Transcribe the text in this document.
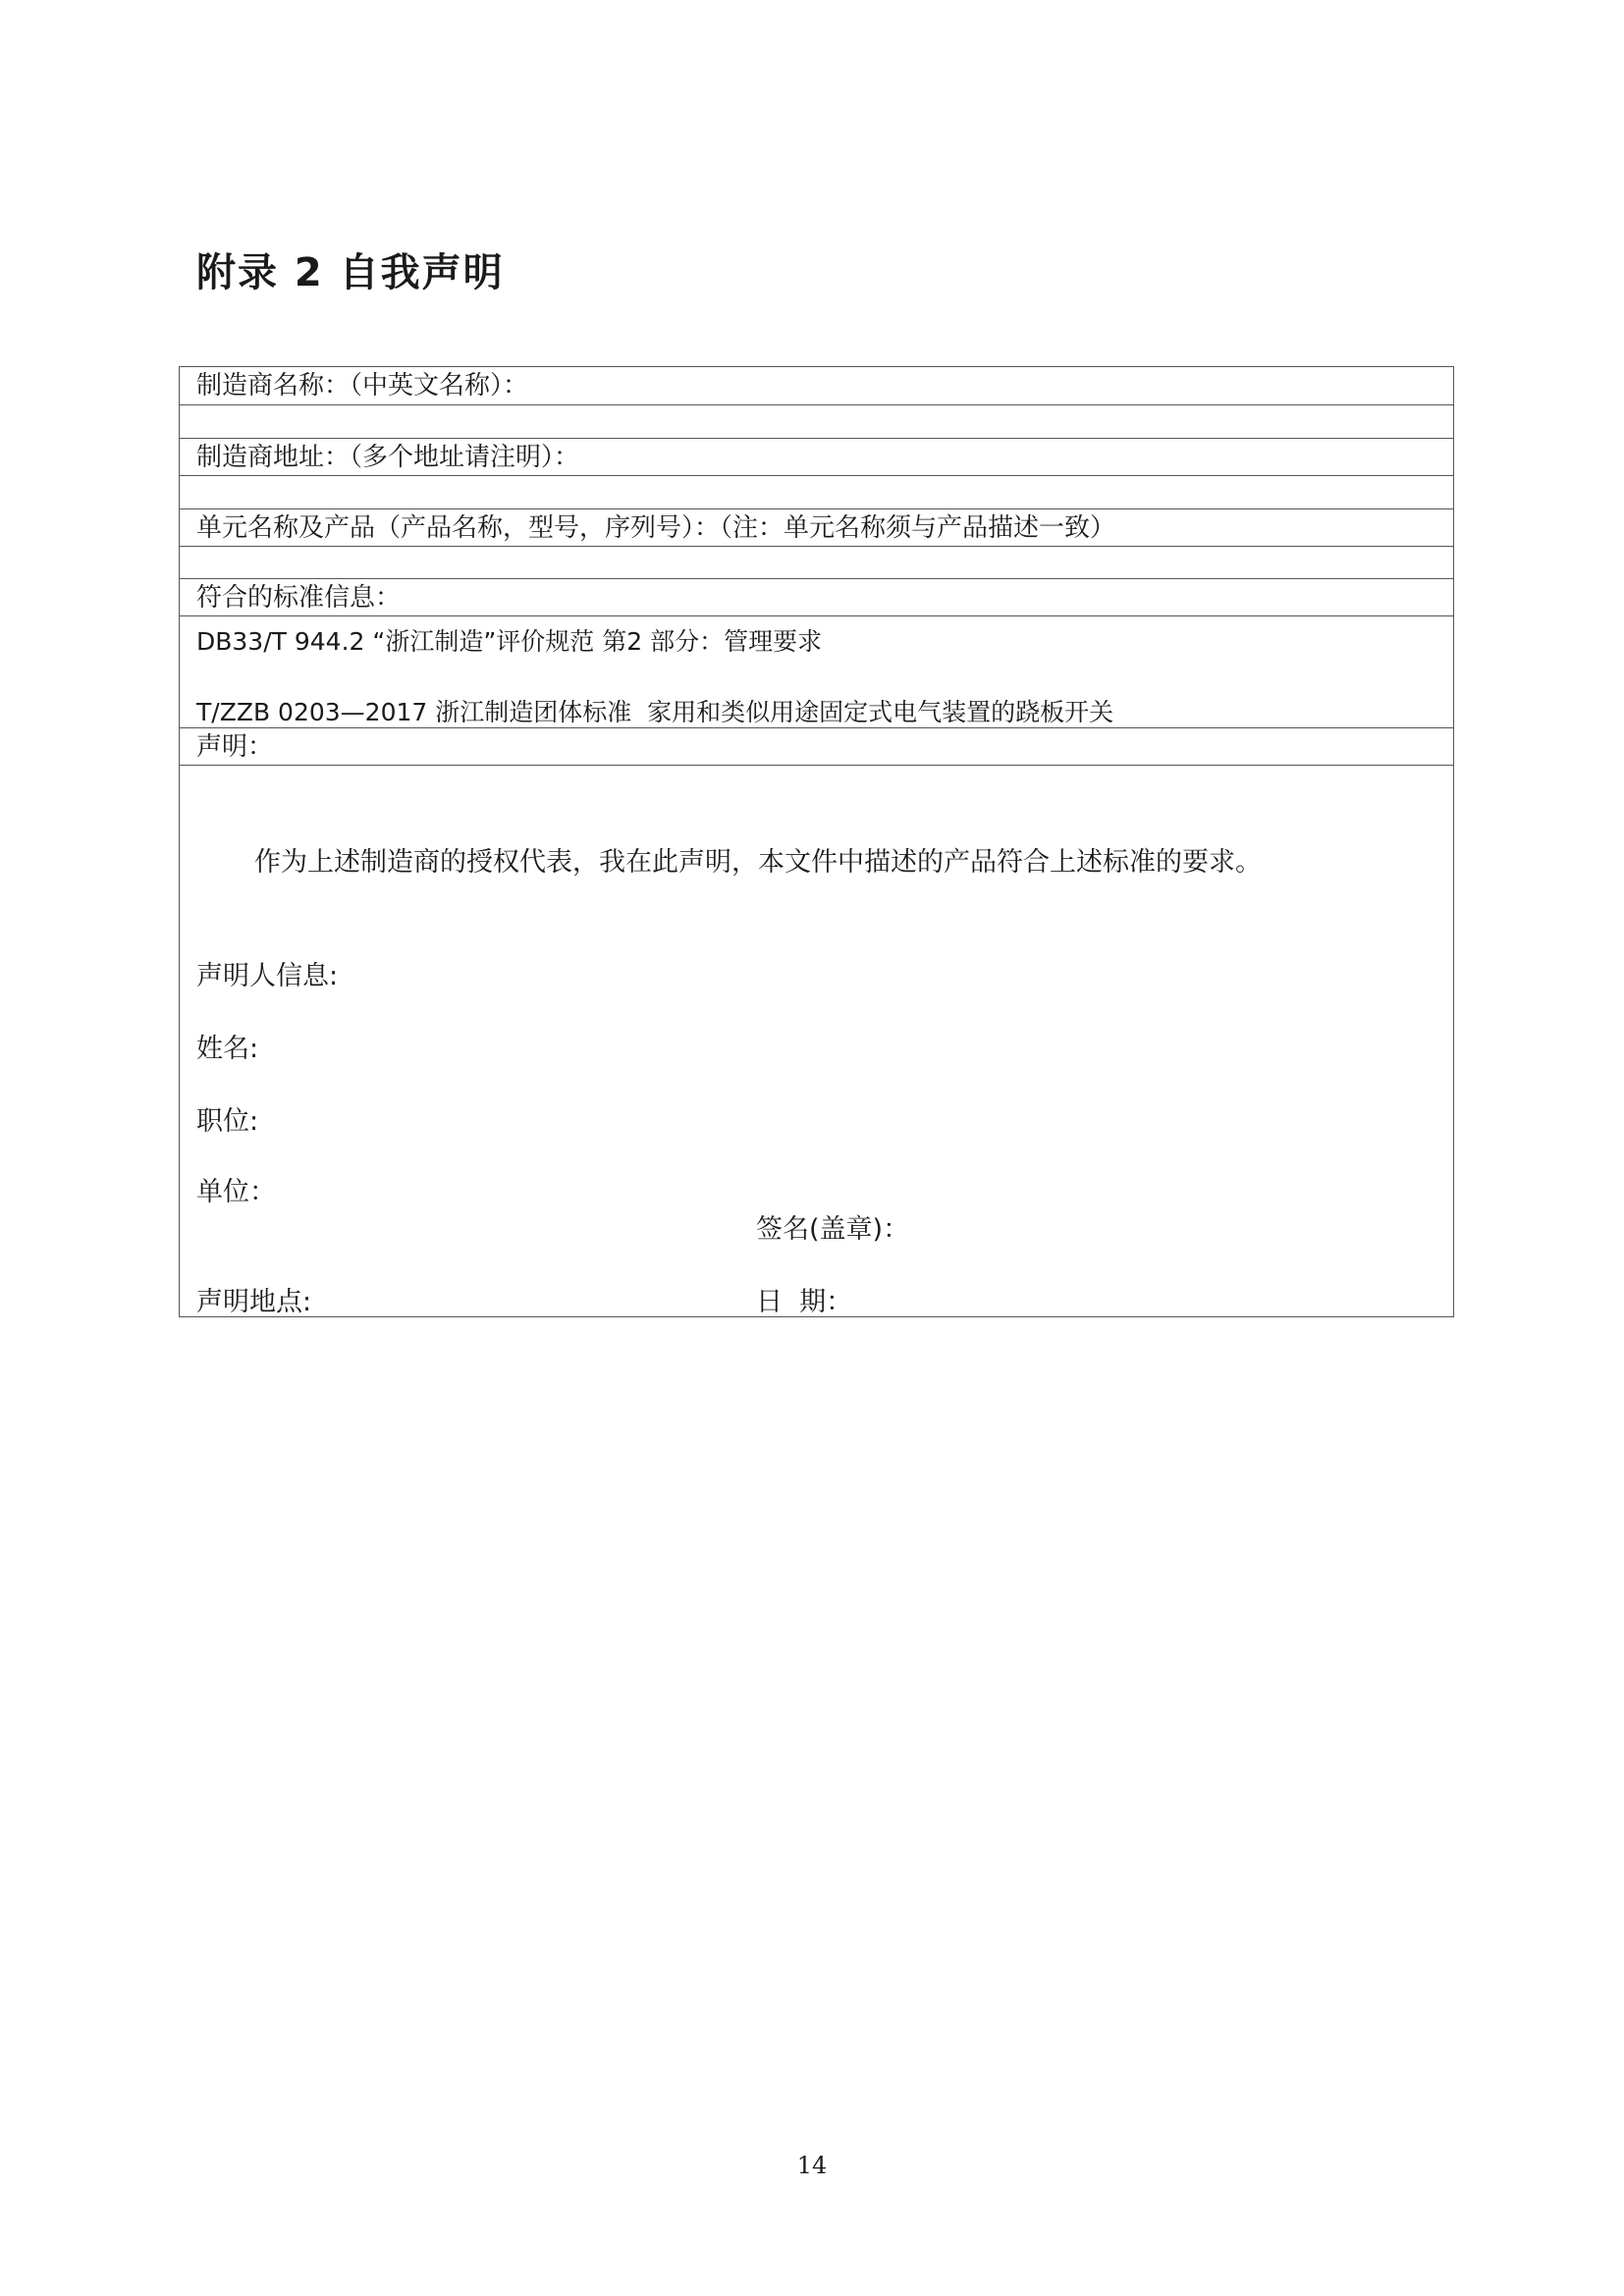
附录 2 自我声明
制造商名称：（中英文名称）：
制造商地址：（多个地址请注明）：
单元名称及产品（产品名称，型号，序列号）：（注：单元名称须与产品描述一致）
符合的标准信息：
DB33/T 944.2 “浙江制造”评价规范 第2 部分：管理要求
T/ZZB 0203—2017 浙江制造团体标准  家用和类似用途固定式电气装置的跷板开关
声明：
作为上述制造商的授权代表，我在此声明，本文件中描述的产品符合上述标准的要求。
声明人信息:
姓名:
职位:
单位：
签名(盖章)：
声明地点:	日  期：
14
